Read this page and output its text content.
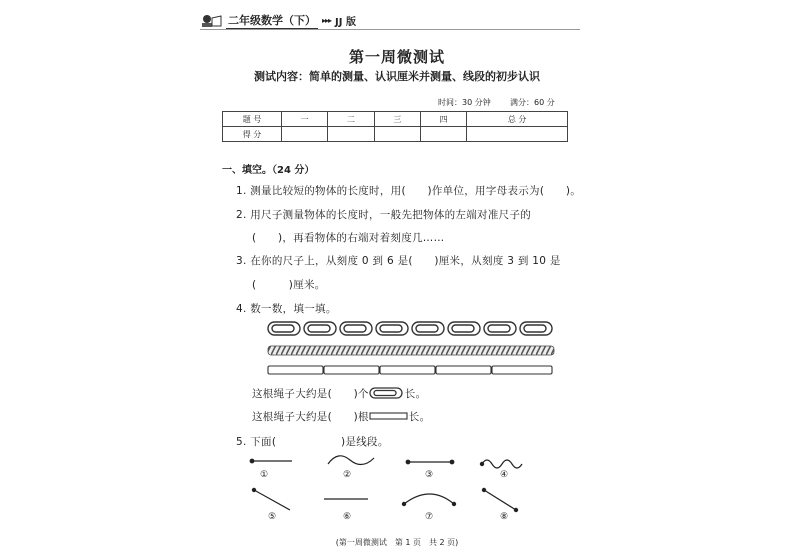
二年级数学（下） ▸▸▸ JJ 版
第一周微测试
测试内容：简单的测量、认识厘米并测量、线段的初步认识
时间：30 分钟 满分：60 分
题 号	一	二	三	四	总 分
得 分					
一、填空。（24 分）
1. 测量比较短的物体的长度时，用(　　)作单位，用字母表示为(　　)。
2. 用尺子测量物体的长度时，一般先把物体的左端对准尺子的
(　　)，再看物体的右端对着刻度几……
3. 在你的尺子上，从刻度 0 到 6 是(　　)厘米，从刻度 3 到 10 是
(　　　)厘米。
4. 数一数，填一填。
这根绳子大约是(　　)个	长。
这根绳子大约是(　　)根	长。
5. 下面(　　　　　　)是线段。
①	②	③	④
⑤	⑥	⑦	⑧
(第一周微测试　第 1 页　共 2 页)
